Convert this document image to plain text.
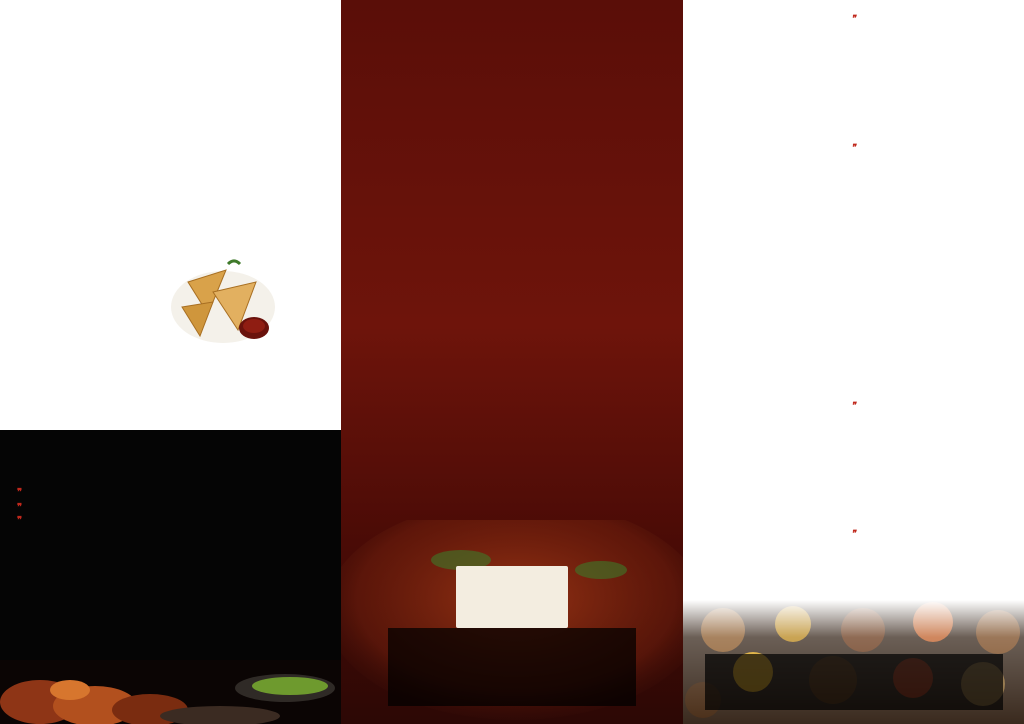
❞
❞
❞
❞
❞
❞
❞
